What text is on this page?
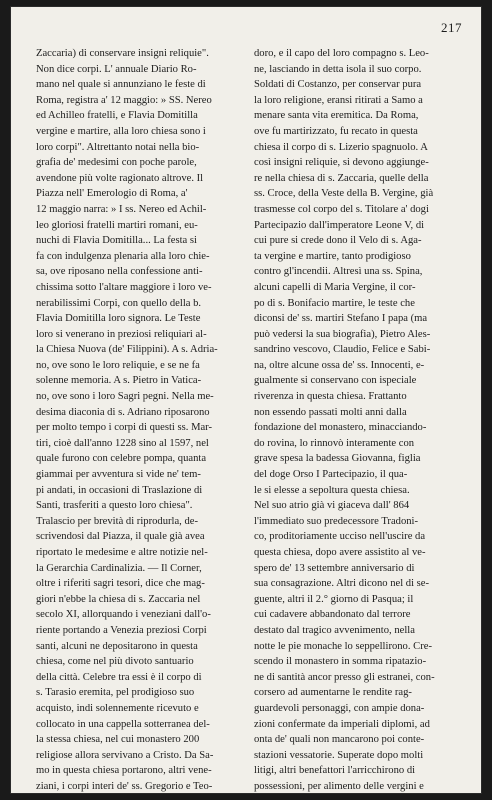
217
Zaccaria) di conservare insigni reliquie".
Non dice corpi. L' annuale Diario Ro-
mano nel quale si annunziano le feste di
Roma, registra a' 12 maggio: » SS. Nereo
ed Achilleo fratelli, e Flavia Domitilla
vergine e martire, alla loro chiesa sono i
loro corpi". Altrettanto notai nella bio-
grafia de' medesimi con poche parole,
avendone più volte ragionato altrove. Il
Piazza nell' Emerologio di Roma, a'
12 maggio narra: » I ss. Nereo ed Achil-
leo gloriosi fratelli martiri romani, eu-
nuchi di Flavia Domitilla... La festa si
fa con indulgenza plenaria alla loro chie-
sa, ove riposano nella confessione anti-
chissima sotto l'altare maggiore i loro ve-
nerabilissimi Corpi, con quello della b.
Flavia Domitilla loro signora. Le Teste
loro si venerano in preziosi reliquiari al-
la Chiesa Nuova (de' Filippini). A s. Adria-
no, ove sono le loro reliquie, e se ne fa
solenne memoria. A s. Pietro in Vatica-
no, ove sono i loro Sagri pegni. Nella me-
desima diaconia di s. Adriano riposarono
per molto tempo i corpi di questi ss. Mar-
tiri, cioè dall'anno 1228 sino al 1597, nel
quale furono con celebre pompa, quanta
giammai per avventura si vide ne' tem-
pi andati, in occasioni di Traslazione di
Santi, trasferiti a questo loro chiesa".
Tralascio per brevità di riprodurla, de-
scrivendosi dal Piazza, il quale già avea
riportato le medesime e altre notizie nel-
la Gerarchia Cardinalizia. — Il Corner,
oltre i riferiti sagri tesori, dice che mag-
giori n'ebbe la chiesa di s. Zaccaria nel
secolo XI, allorquando i veneziani dall'o-
riente portando a Venezia preziosi Corpi
santi, alcuni ne depositarono in questa
chiesa, come nel più divoto santuario
della città. Celebre tra essi è il corpo di
s. Tarasio eremita, pel prodigioso suo
acquisto, indi solennemente ricevuto e
collocato in una cappella sotterranea del-
la stessa chiesa, nel cui monastero 200
religiose allora servivano a Cristo. Da Sa-
mo in questa chiesa portarono, altri vene-
ziani, i corpi interi de' ss. Gregorio e Teo-
doro, e il capo del loro compagno s. Leo-
ne, lasciando in detta isola il suo corpo.
Soldati di Costanzo, per conservar pura
la loro religione, eransi ritirati a Samo a
menare santa vita eremitica. Da Roma,
ove fu martirizzato, fu recato in questa
chiesa il corpo di s. Lizerio spagnuolo. A
così insigni reliquie, si devono aggiunge-
re nella chiesa di s. Zaccaria, quelle della
ss. Croce, della Veste della B. Vergine, già
trasmesse col corpo del s. Titolare a' dogi
Partecipazio dall'imperatore Leone V, di
cui pure si crede dono il Velo di s. Aga-
ta vergine e martire, tanto prodigioso
contro gl'incendii. Altresì una ss. Spina,
alcuni capelli di Maria Vergine, il cor-
po di s. Bonifacio martire, le teste che
diconsi de' ss. martiri Stefano I papa (ma
può vedersi la sua biografia), Pietro Ales-
sandrino vescovo, Claudio, Felice e Sabi-
na, oltre alcune ossa de' ss. Innocenti, e-
gualmente si conservano con ispeciale
riverenza in questa chiesa. Frattanto
non essendo passati molti anni dalla
fondazione del monastero, minacciando-
do rovina, lo rinnovò interamente con
grave spesa la badessa Giovanna, figlia
del doge Orso I Partecipazio, il qua-
le si elesse a sepoltura questa chiesa.
Nel suo atrio già vi giaceva dall' 864
l'immediato suo predecessore Tradoni-
co, proditoriamente ucciso nell'uscire da
questa chiesa, dopo avere assistito al ve-
spero de' 13 settembre anniversario di
sua consagrazione. Altri dicono nel di se-
guente, altri il 2.° giorno di Pasqua; il
cui cadavere abbandonato dal terrore
destato dal tragico avvenimento, nella
notte le pie monache lo seppellirono. Cre-
scendo il monastero in somma ripatazio-
ne di santità ancor presso gli estranei, con-
corsero ad aumentarne le rendite rag-
guardevoli personaggi, con ampie dona-
zioni confermate da imperiali diplomi, ad
onta de' quali non mancarono poi conte-
stazioni vessatorie. Superate dopo molti
litigi, altri benefattori l'arricchirono di
possessioni, per alimento delle vergini e
